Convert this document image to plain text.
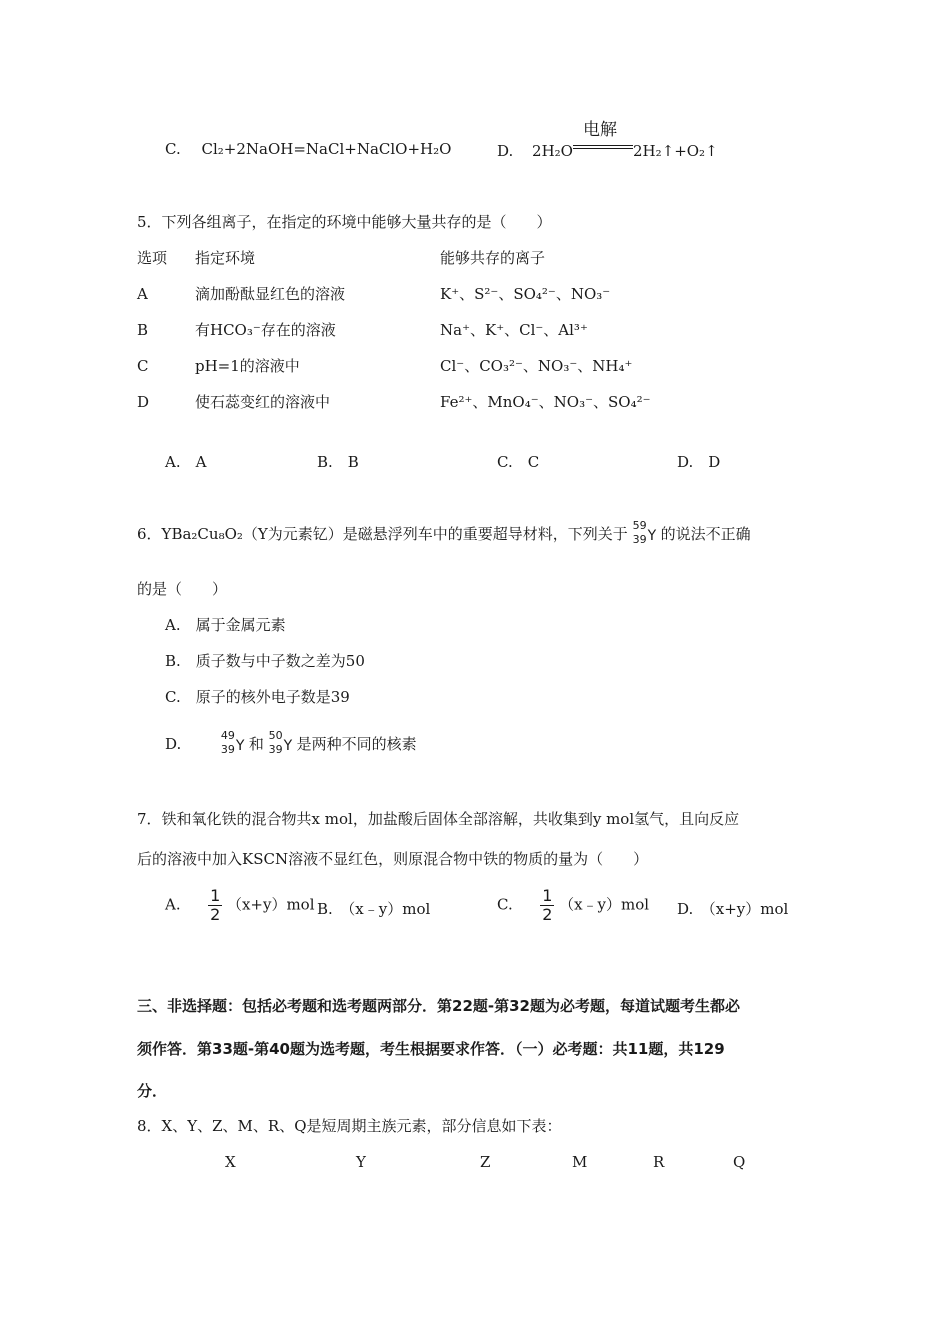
C. Cl₂+2NaOH=NaCl+NaClO+H₂O	D. 2H₂O
电解
2H₂↑+O₂↑
5．下列各组离子，在指定的环境中能够大量共存的是（　　）
选项 指定环境	能够共存的离子
A	滴加酚酞显红色的溶液	K⁺、S²⁻、SO₄²⁻、NO₃⁻
B	有HCO₃⁻存在的溶液	Na⁺、K⁺、Cl⁻、Al³⁺
C	pH=1的溶液中	Cl⁻、CO₃²⁻、NO₃⁻、NH₄⁺
D	使石蕊变红的溶液中	Fe²⁺、MnO₄⁻、NO₃⁻、SO₄²⁻
A.　A	B.　B	C.　C	D.　D
6．YBa₂Cu₈O₂（Y为元素钇）是磁悬浮列车中的重要超导材料，下列关于 59
39 Y 的说法不正确
的是（　　）
A.　属于金属元素
B.　质子数与中子数之差为50
C.　原子的核外电子数是39
D.	49
39 Y 和 50
39 Y 是两种不同的核素
7．铁和氧化铁的混合物共x mol，加盐酸后固体全部溶解，共收集到y mol氢气，且向反应
后的溶液中加入KSCN溶液不显红色，则原混合物中铁的物质的量为（　　）
A. $\frac{1}{2} (x+y)mol$ B.　（x﹣y）mol	C. $\frac{1}{2}$ （x﹣y）mol D.　（x+y）mol
三、非选择题：包括必考题和选考题两部分．第22题-第32题为必考题，每道试题考生都必
须作答．第33题-第40题为选考题，考生根据要求作答．（一）必考题：共11题，共129
分．
8．X、Y、Z、M、R、Q是短周期主族元素，部分信息如下表：
X	Y	Z	M	R	Q
